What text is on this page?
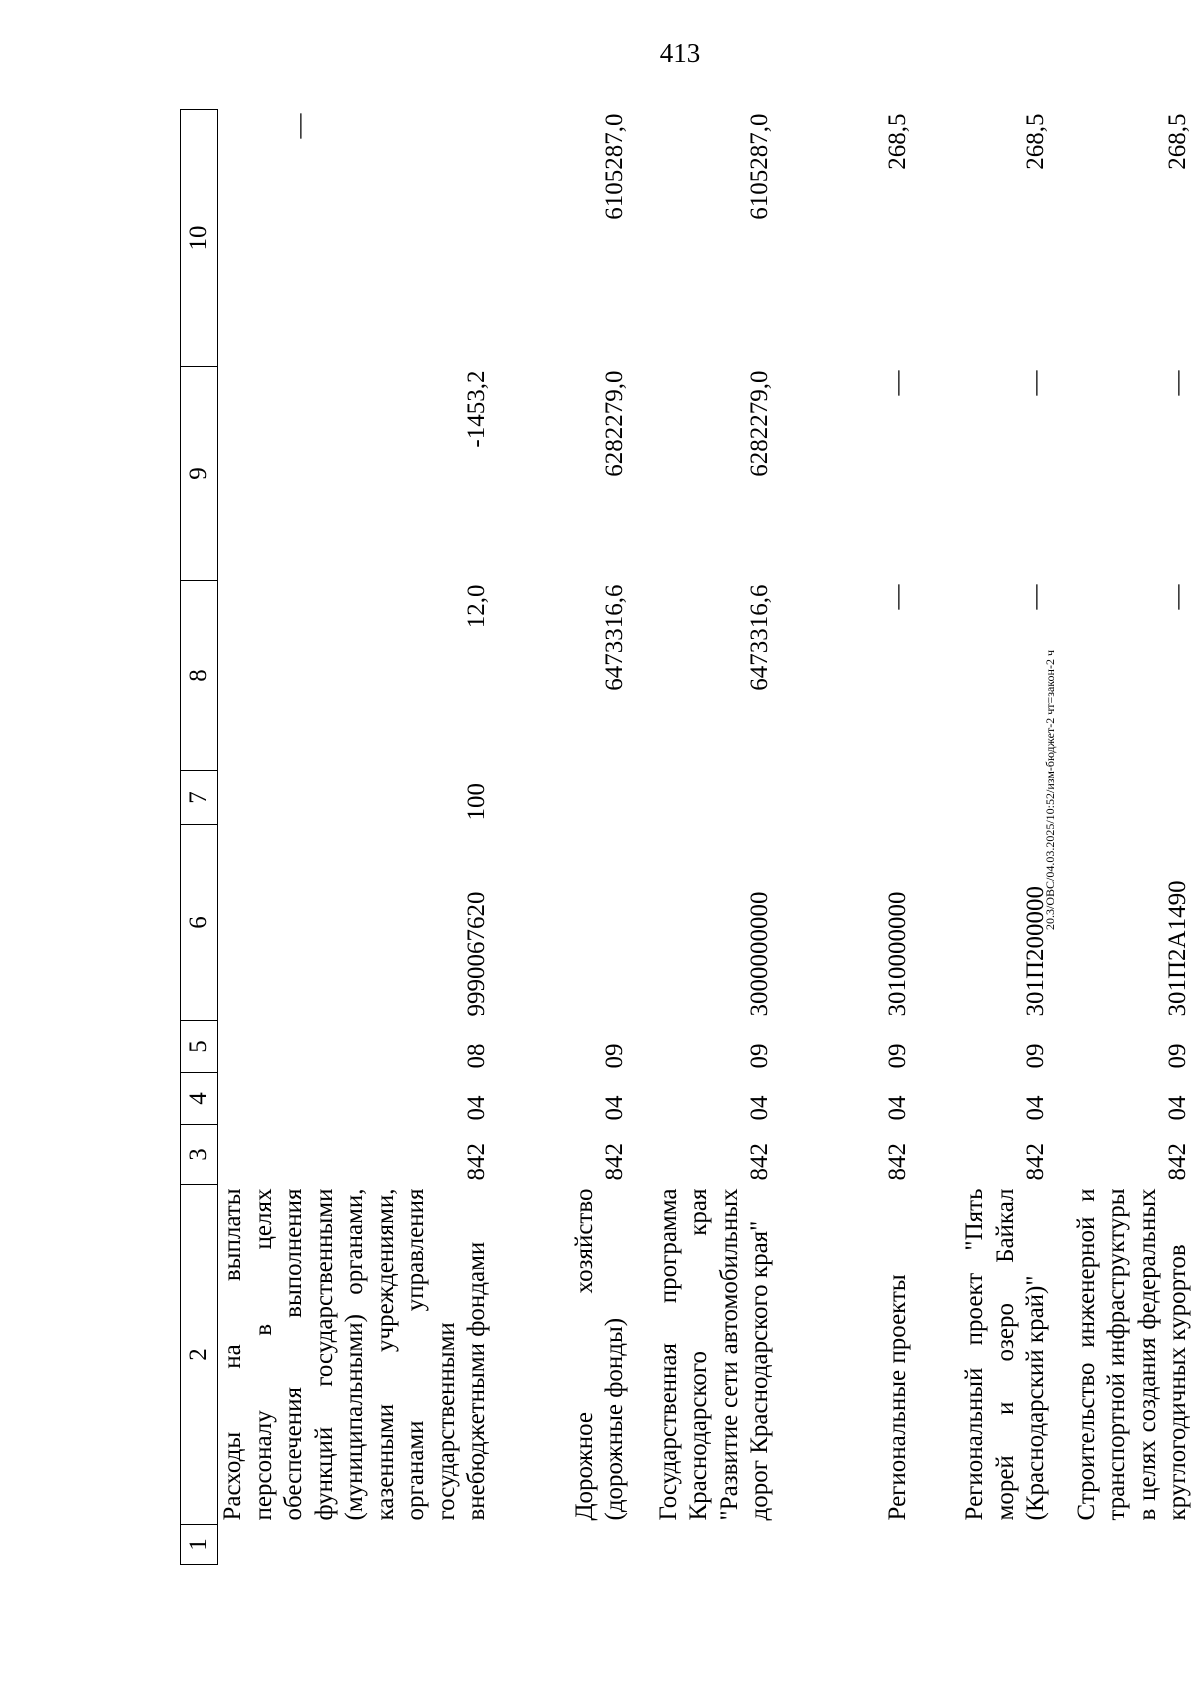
413
1	2	3	4	5	6	7	8	9	10
	Расходы на выплаты персоналу в целях обеспечения выполнения функций государственными (муниципальными) органами, казенными учреждениями, органами управления государственными внебюджетными фондами	842	04	08	9990067620	100	12,0	-1453,2	—
	Дорожное хозяйство (дорожные фонды)	842	04	09			6473316,6	6282279,0	6105287,0
	Государственная программа Краснодарского края "Развитие сети автомобильных дорог Краснодарского края"	842	04	09	3000000000		6473316,6	6282279,0	6105287,0
	Региональные проекты	842	04	09	3010000000		—	—	268,5
	Региональный проект "Пять морей и озеро Байкал (Краснодарский край)"	842	04	09	301П200000		—	—	268,5
	Строительство инженерной и транспортной инфраструктуры в целях создания федеральных круглогодичных курортов	842	04	09	301П2А1490		—	—	268,5
20.3/ОВС/04.03.2025/10:52/изм-бюджет-2 чт=закон-2 ч
